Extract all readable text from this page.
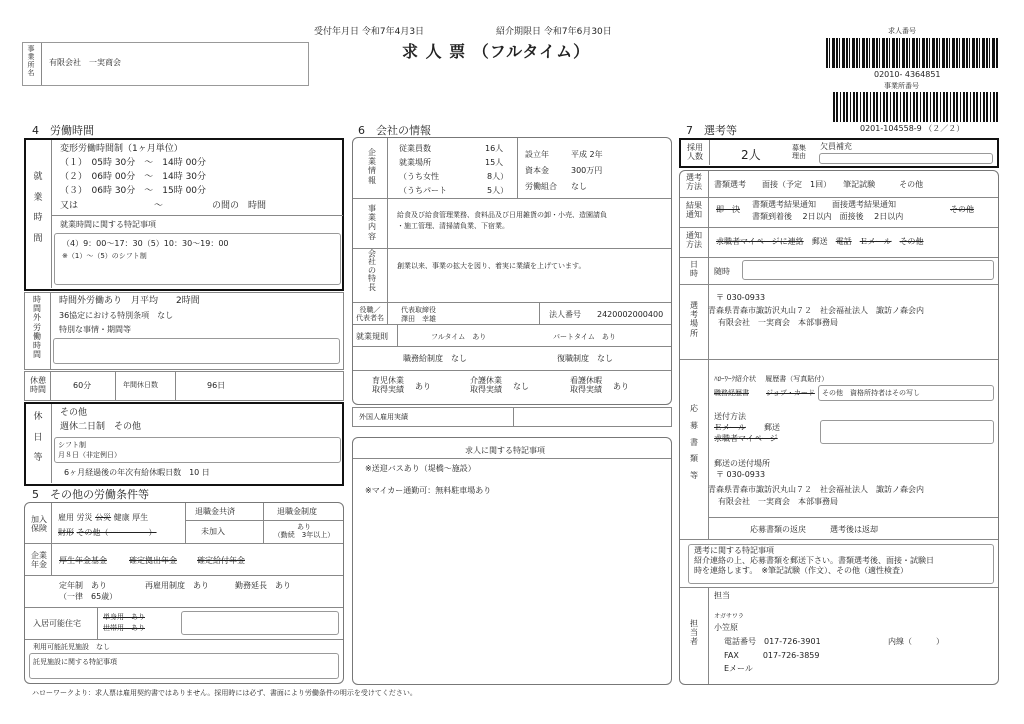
受付年月日 令和7年4月3日	紹介期限日 令和7年6月30日
求 人 票 （フルタイム）
事 業 所 名
有限会社　一実商会
求人番号
02010- 4364851
事業所番号
0201-104558-9 （２／２）
4　労働時間
就

業

時

間
変形労働時間制（1ヶ月単位）
（１）　05時 30分　～　14時 00分
（２）　06時 00分　～　14時 30分
（３）　06時 30分　～　15時 00分
又は	～	の間の　時間
就業時間に関する特記事項
（4）9：00～17：30（5）10：30～19：00
※（1）～（5）のシフト制
時
間
外
労
働
時
間
時間外労働あり　月平均　　2時間
36協定における特別条項　なし
特別な事情・期間等
休憩
時間	60分	年間休日数	96日
休

日

等
その他
週休二日制　その他
シフト制
月８日（非定例日）
6ヶ月経過後の年次有給休暇日数　10 日
5　その他の労働条件等
加入
保険
雇用 労災 公災 健康 厚生
財形 その他（　　　　　）
退職金共済
未加入
退職金制度
あり
（勤続　3年以上）
企業
年金	厚生年金基金	確定拠出年金	確定給付年金
定年制　あり
（一律　65歳）
再雇用制度　あり	勤務延長　あり
入居可能住宅
単身用　あり
世帯用　あり
利用可能託児施設　なし
託児施設に関する特記事項
6　会社の情報
企
業
情
報
従業員数	16人
就業場所	15人
（うち女性	8人）
（うちパート	5人）
設立年	平成 2年
資本金	300万円
労働組合 なし
事
業
内
容
給食及び給食管理業務、食料品及び日用雑貨の卸・小売、造園請負
・施工管理、清掃請負業、下宿業。
会
社
の
特
長
創業以来、事業の拡大を図り、着実に業績を上げています。
役職／
代表者名
代表取締役
澤田　幸雄	法人番号 2420002000400
就業規則	フルタイム　あり	パートタイム　あり
職務給制度　なし	復職制度　なし
育児休業
取得実績	あり
介護休業
取得実績	なし
看護休暇
取得実績	あり
外国人雇用実績
求人に関する特記事項
※送迎バスあり（堤橋～施設）
※マイカー通勤可：無料駐車場あり
7　選考等
採用
人数	2人	募集
理由
欠員補充
選考
方法	書類選考　　面接（予定　1回）　　筆記試験　　　その他
結果
通知
即　決
書類選考結果通知　　面接選考結果通知
書類到着後　 2日以内　面接後　 2日以内
その他
通知
方法	求職者マイページに連絡　 郵送　 電話　 Ｅメール　 その他
日
時	随時
選
考
場
所
〒 030-0933
青森県青森市諏訪沢丸山７２　社会福祉法人　諏訪ノ森会内
有限会社　一実商会　本部事務局
応

募

書

類

等
ﾊﾛｰﾜｰｸ紹介状　 履歴書（写真貼付）
職務経歴書 ジョブ・カード その他　資格所持者はその写し
送付方法
Ｅメール 郵送
求職者マイページ
郵送の送付場所
〒 030-0933
青森県青森市諏訪沢丸山７２　社会福祉法人　諏訪ノ森会内
有限会社　一実商会　本部事務局
応募書類の返戻　　　選考後は返却
選考に関する特記事項
紹介連絡の上、応募書類を郵送下さい。書類選考後、面接・試験日
時を連絡します。　※筆記試験（作文）、その他（適性検査）
担
当
者
担当
オガサワラ
小笠原
電話番号　017-726-3901	内線（　　　）
FAX　　　017-726-3859
Eメール
ハローワークより：求人票は雇用契約書ではありません。採用時には必ず、書面により労働条件の明示を受けてください。
